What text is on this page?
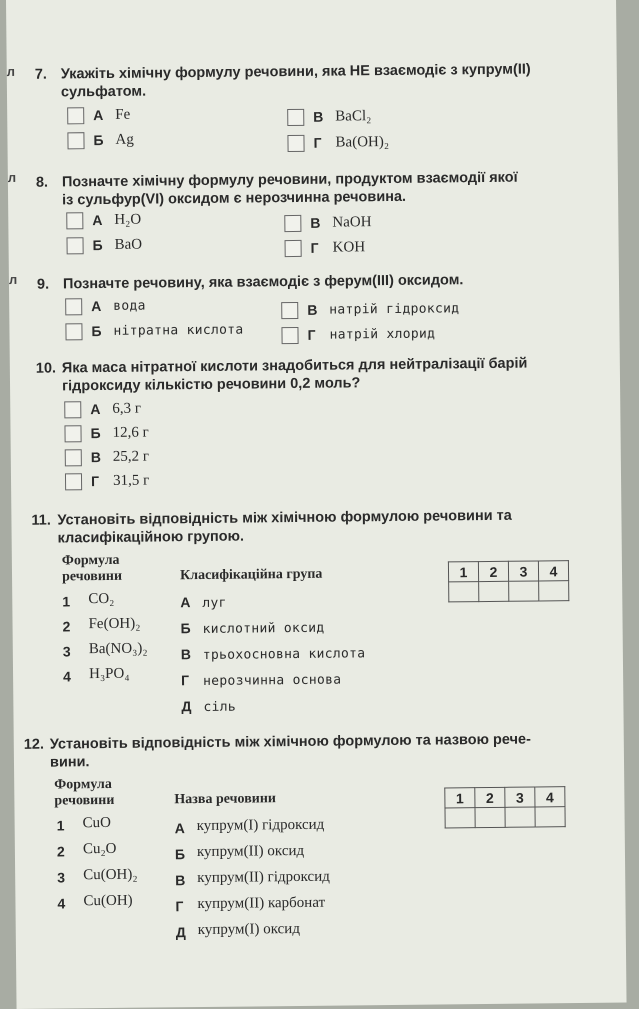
л
л
л
7. Укажіть хімічну формулу речовини, яка НЕ взаємодіє з купрум(II)
сульфатом.
А Fe
Б Ag
В BaCl₂
Г Ba(OH)₂
8. Позначте хімічну формулу речовини, продуктом взаємодії якої
із сульфур(VI) оксидом є нерозчинна речовина.
А H₂O
Б BaO
В NaOH
Г KOH
9. Позначте речовину, яка взаємодіє з ферум(III) оксидом.
А вода
Б нітратна кислота
В натрій гідроксид
Г	натрій хлорид
10. Яка маса нітратної кислоти знадобиться для нейтралізації барій
гідроксиду кількістю речовини 0,2 моль?
А 6,3 г
Б 12,6 г
В 25,2 г
Г 31,5 г
11. Установіть відповідність між хімічною формулою речовини та
класифікаційною групою.
Формула
речовини	Класифікаційна група
1 CO₂
2 Fe(OH)₂
3 Ba(NO₃)₂
4 H₃PO₄
А луг
Б кислотний оксид
В трьохосновна кислота
Г нерозчинна основа
Д сіль
1	2	3	4

12. Установіть відповідність між хімічною формулою та назвою рече-
вини.
Формула
речовини	Назва речовини
1 CuO
2 Cu₂O
3 Cu(OH)₂
4 Cu(OH)
А купрум(I) гідроксид
Б купрум(II) оксид
В купрум(II) гідроксид
Г купрум(II) карбонат
Д купрум(I) оксид
1	2	3	4
